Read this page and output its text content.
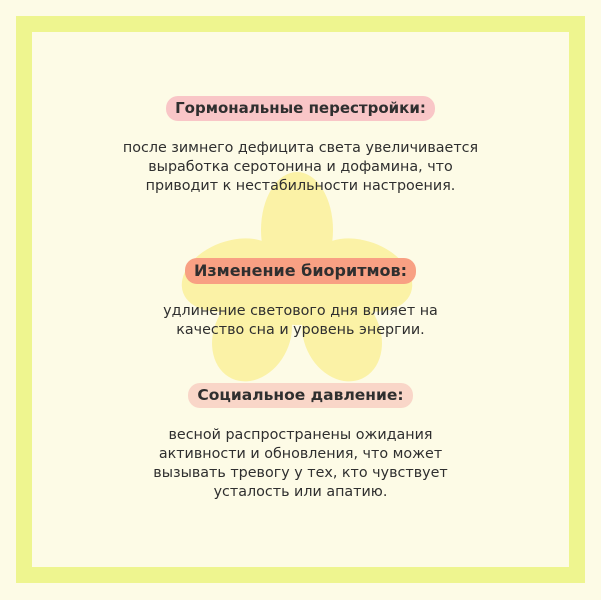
Гормональные перестройки:
после зимнего дефицита света увеличивается выработка серотонина и дофамина, что приводит к нестабильности настроения.
Изменение биоритмов:
удлинение светового дня влияет на качество сна и уровень энергии.
Социальное давление:
весной распространены ожидания активности и обновления, что может вызывать тревогу у тех, кто чувствует усталость или апатию.
